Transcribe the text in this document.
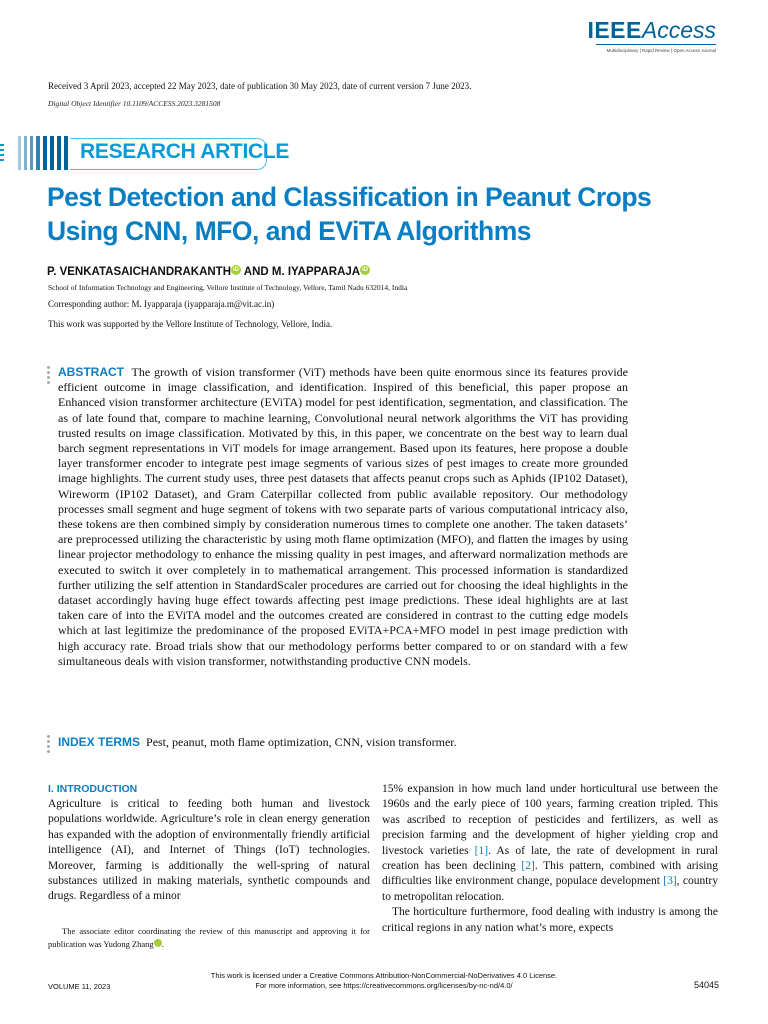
IEEEAccess
Multidisciplinary | Rapid Review | Open Access Journal
Received 3 April 2023, accepted 22 May 2023, date of publication 30 May 2023, date of current version 7 June 2023.
Digital Object Identifier 10.1109/ACCESS.2023.3281508
RESEARCH ARTICLE
Pest Detection and Classification in Peanut Crops
Using CNN, MFO, and EViTA Algorithms
P. VENKATASAICHANDRAKANTH iD AND M. IYAPPARAJA iD
School of Information Technology and Engineering, Vellore Institute of Technology, Vellore, Tamil Nadu 632014, India
Corresponding author: M. Iyapparaja (iyapparaja.m@vit.ac.in)
This work was supported by the Vellore Institute of Technology, Vellore, India.
ABSTRACT The growth of vision transformer (ViT) methods have been quite enormous since its features provide efficient outcome in image classification, and identification. Inspired of this beneficial, this paper propose an Enhanced vision transformer architecture (EViTA) model for pest identification, segmentation, and classification. The as of late found that, compare to machine learning, Convolutional neural network algorithms the ViT has providing trusted results on image classification. Motivated by this, in this paper, we concentrate on the best way to learn dual barch segment representations in ViT models for image arrangement. Based upon its features, here propose a double layer transformer encoder to integrate pest image segments of various sizes of pest images to create more grounded image highlights. The current study uses, three pest datasets that affects peanut crops such as Aphids (IP102 Dataset), Wireworm (IP102 Dataset), and Gram Caterpillar collected from public available repository. Our methodology processes small segment and huge segment of tokens with two separate parts of various computational intricacy also, these tokens are then combined simply by consideration numerous times to complete one another. The taken datasets’ are preprocessed utilizing the characteristic by using moth flame optimization (MFO), and flatten the images by using linear projector methodology to enhance the missing quality in pest images, and afterward normalization methods are executed to switch it over completely in to mathematical arrangement. This processed information is standardized further utilizing the self attention in StandardScaler procedures are carried out for choosing the ideal highlights in the dataset accordingly having huge effect towards affecting pest image predictions. These ideal highlights are at last taken care of into the EViTA model and the outcomes created are considered in contrast to the cutting edge models which at last legitimize the predominance of the proposed EViTA+PCA+MFO model in pest image prediction with high accuracy rate. Broad trials show that our methodology performs better compared to or on standard with a few simultaneous deals with vision transformer, notwithstanding productive CNN models.
INDEX TERMS Pest, peanut, moth flame optimization, CNN, vision transformer.
I. INTRODUCTION
Agriculture is critical to feeding both human and livestock populations worldwide. Agriculture’s role in clean energy generation has expanded with the adoption of environmentally friendly artificial intelligence (AI), and Internet of Things (IoT) technologies. Moreover, farming is additionally the well-spring of natural substances utilized in making materials, synthetic compounds and drugs. Regardless of a minor

15% expansion in how much land under horticultural use between the 1960s and the early piece of 100 years, farming creation tripled. This was ascribed to reception of pesticides and fertilizers, as well as precision farming and the development of higher yielding crop and livestock varieties [1]. As of late, the rate of development in rural creation has been declining [2]. This pattern, combined with arising difficulties like environment change, populace development [3], country to metropolitan relocation.

The horticulture furthermore, food dealing with industry is among the critical regions in any nation what’s more, expects

The associate editor coordinating the review of this manuscript and approving it for publication was Yudong Zhang	iD.
This work is licensed under a Creative Commons Attribution-NonCommercial-NoDerivatives 4.0 License.
For more information, see https://creativecommons.org/licenses/by-nc-nd/4.0/
VOLUME 11, 2023	54045
